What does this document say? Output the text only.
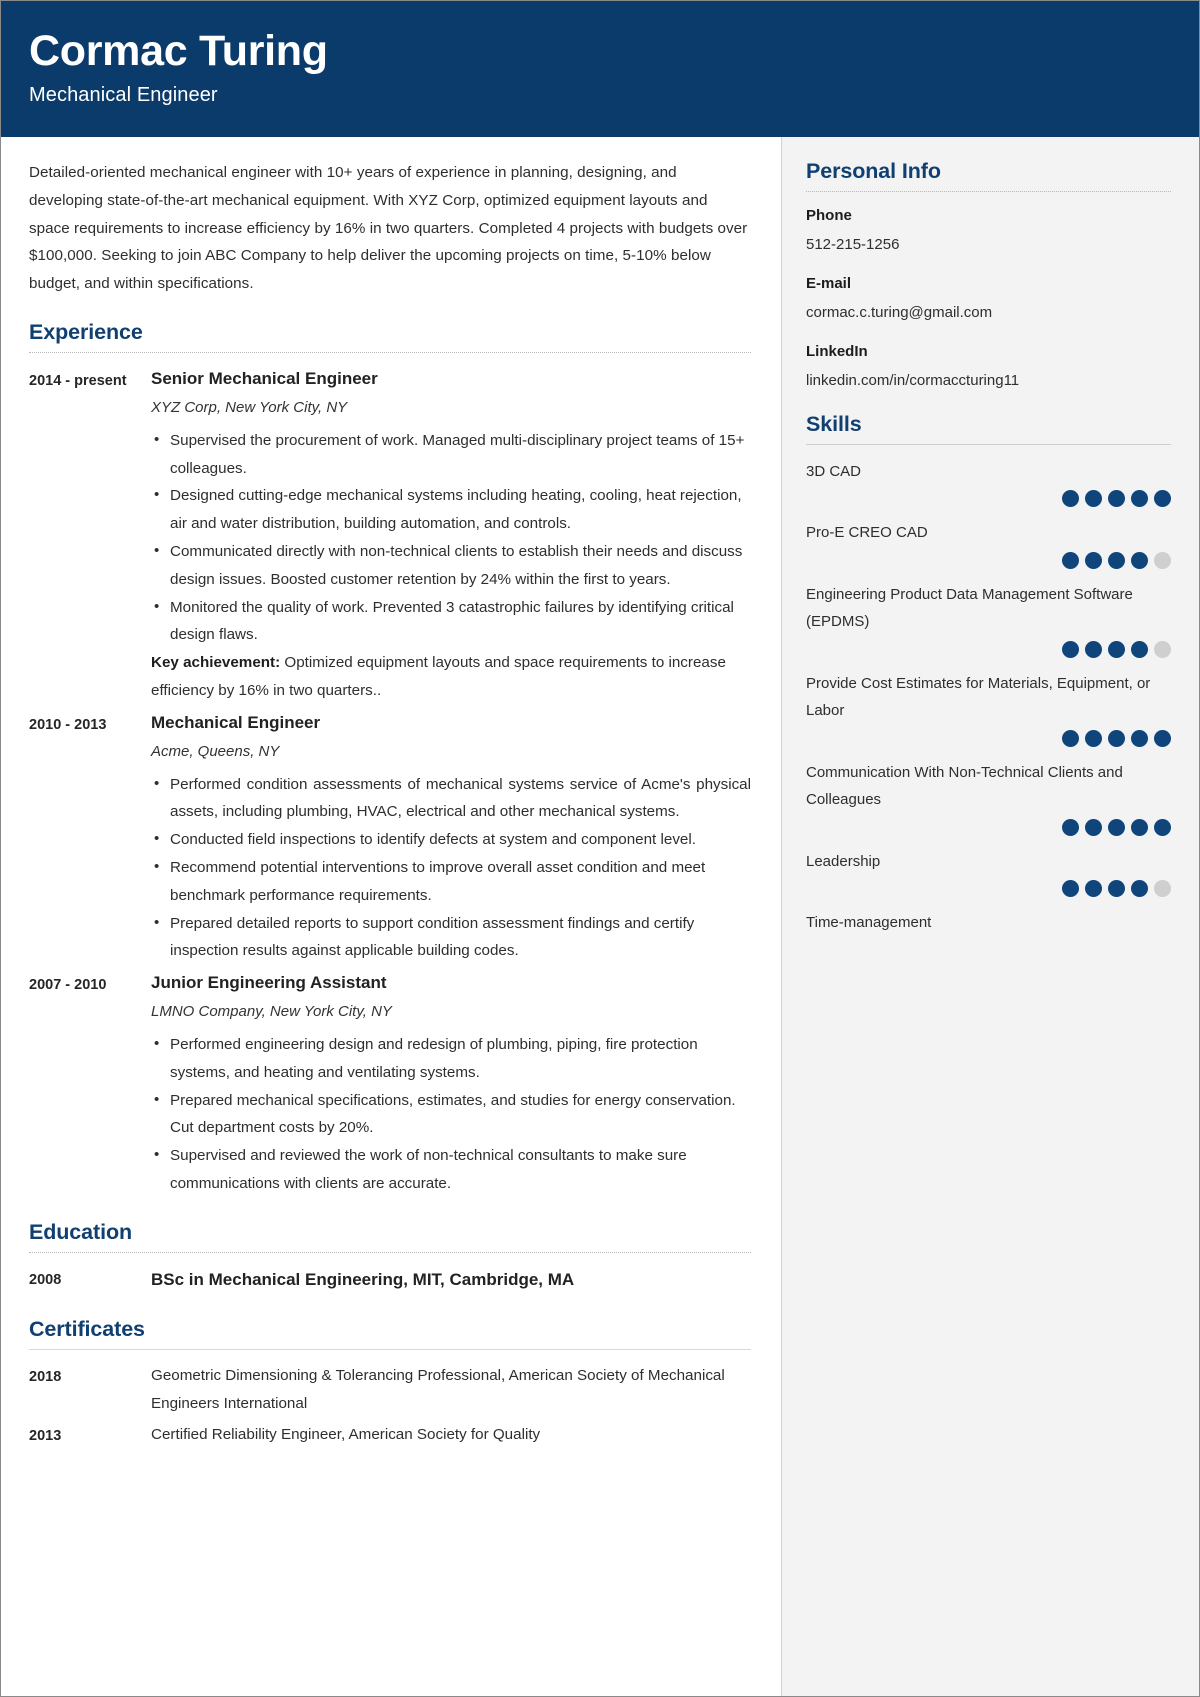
Cormac Turing
Mechanical Engineer

Detailed-oriented mechanical engineer with 10+ years of experience in planning, designing, and developing state-of-the-art mechanical equipment. With XYZ Corp, optimized equipment layouts and space requirements to increase efficiency by 16% in two quarters. Completed 4 projects with budgets over $100,000. Seeking to join ABC Company to help deliver the upcoming projects on time, 5-10% below budget, and within specifications.

Experience
2014 - present	Senior Mechanical Engineer
XYZ Corp, New York City, NY
• Supervised the procurement of work. Managed multi-disciplinary project teams of 15+ colleagues.
• Designed cutting-edge mechanical systems including heating, cooling, heat rejection, air and water distribution, building automation, and controls.
• Communicated directly with non-technical clients to establish their needs and discuss design issues. Boosted customer retention by 24% within the first to years.
• Monitored the quality of work. Prevented 3 catastrophic failures by identifying critical design flaws.
Key achievement: Optimized equipment layouts and space requirements to increase efficiency by 16% in two quarters..
2010 - 2013	Mechanical Engineer
Acme, Queens, NY
• Performed condition assessments of mechanical systems service of Acme's physical assets, including plumbing, HVAC, electrical and other mechanical systems.
• Conducted field inspections to identify defects at system and component level.
• Recommend potential interventions to improve overall asset condition and meet benchmark performance requirements.
• Prepared detailed reports to support condition assessment findings and certify inspection results against applicable building codes.
2007 - 2010	Junior Engineering Assistant
LMNO Company, New York City, NY
• Performed engineering design and redesign of plumbing, piping, fire protection systems, and heating and ventilating systems.
• Prepared mechanical specifications, estimates, and studies for energy conservation. Cut department costs by 20%.
• Supervised and reviewed the work of non-technical consultants to make sure communications with clients are accurate.
Education
2008	BSc in Mechanical Engineering, MIT, Cambridge, MA
Certificates
2018	Geometric Dimensioning & Tolerancing Professional, American Society of Mechanical Engineers International
2013	Certified Reliability Engineer, American Society for Quality
Personal Info
Phone
512-215-1256
E-mail
cormac.c.turing@gmail.com
LinkedIn
linkedin.com/in/cormaccturing11
Skills
3D CAD
Pro-E CREO CAD
Engineering Product Data Management Software (EPDMS)
Provide Cost Estimates for Materials, Equipment, or Labor
Communication With Non-Technical Clients and Colleagues
Leadership
Time-management
